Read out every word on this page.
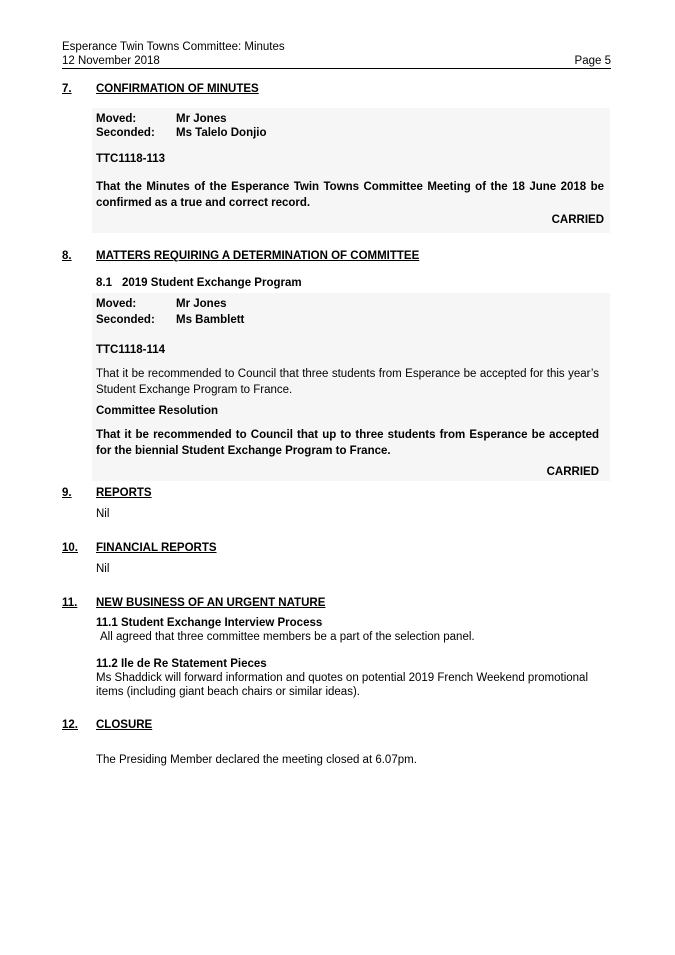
Esperance Twin Towns Committee: Minutes
12 November 2018	Page 5
7. CONFIRMATION OF MINUTES
Moved:	Mr Jones
Seconded: Ms Talelo Donjio
TTC1118-113
That the Minutes of the Esperance Twin Towns Committee Meeting of the 18 June 2018 be confirmed as a true and correct record.
CARRIED
8. MATTERS REQUIRING A DETERMINATION OF COMMITTEE
8.1 2019 Student Exchange Program
Moved:	Mr Jones
Seconded: Ms Bamblett
TTC1118-114
That it be recommended to Council that three students from Esperance be accepted for this year’s Student Exchange Program to France.
Committee Resolution
That it be recommended to Council that up to three students from Esperance be accepted for the biennial Student Exchange Program to France.
CARRIED
9. REPORTS
Nil
10. FINANCIAL REPORTS
Nil
11. NEW BUSINESS OF AN URGENT NATURE
11.1 Student Exchange Interview Process
All agreed that three committee members be a part of the selection panel.
11.2 Ile de Re Statement Pieces
Ms Shaddick will forward information and quotes on potential 2019 French Weekend promotional items (including giant beach chairs or similar ideas).
12. CLOSURE
The Presiding Member declared the meeting closed at 6.07pm.
